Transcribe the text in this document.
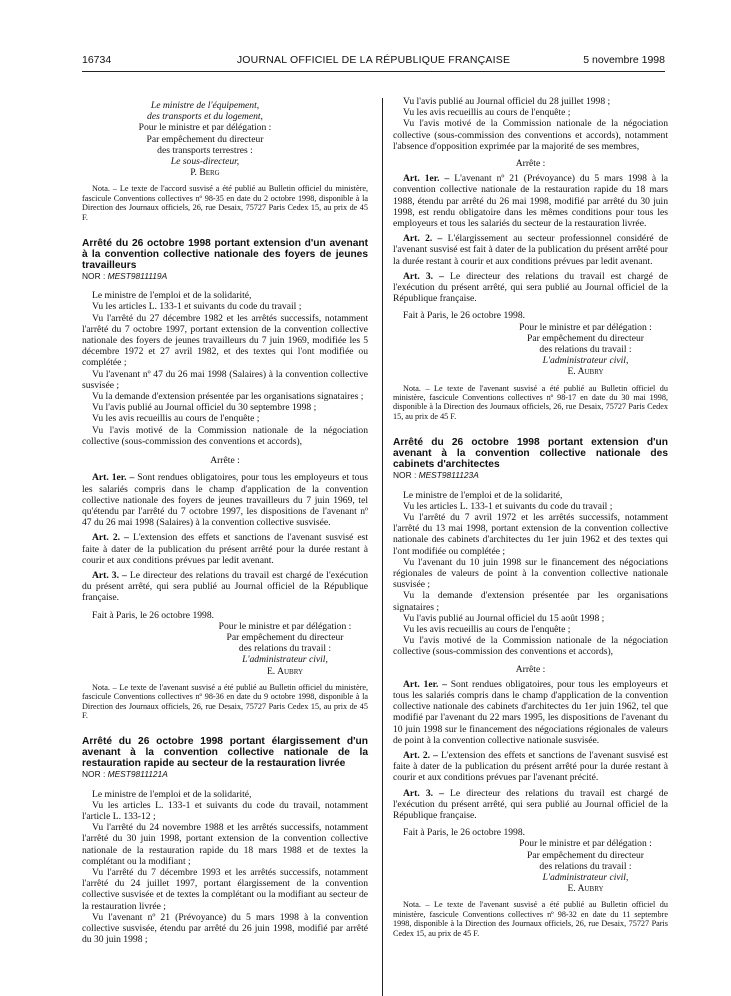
16734	JOURNAL OFFICIEL DE LA RÉPUBLIQUE FRANÇAISE	5 novembre 1998

Le ministre de l'équipement,

des transports et du logement,

Pour le ministre et par délégation :

Par empêchement du directeur

des transports terrestres :

Le sous-directeur,

P. Berg

Nota. – Le texte de l'accord susvisé a été publié au Bulletin officiel du ministère, fascicule Conventions collectives nº 98-35 en date du 2 octobre 1998, disponible à la Direction des Journaux officiels, 26, rue Desaix, 75727 Paris Cedex 15, au prix de 45 F.

Arrêté du 26 octobre 1998 portant extension d'un avenant à la convention collective nationale des foyers de jeunes travailleurs

NOR : MEST9811119A

Le ministre de l'emploi et de la solidarité,

Vu les articles L. 133-1 et suivants du code du travail ;

Vu l'arrêté du 27 décembre 1982 et les arrêtés successifs, notamment l'arrêté du 7 octobre 1997, portant extension de la convention collective nationale des foyers de jeunes travailleurs du 7 juin 1969, modifiée les 5 décembre 1972 et 27 avril 1982, et des textes qui l'ont modifiée ou complétée ;

Vu l'avenant nº 47 du 26 mai 1998 (Salaires) à la convention collective susvisée ;

Vu la demande d'extension présentée par les organisations signataires ;

Vu l'avis publié au Journal officiel du 30 septembre 1998 ;

Vu les avis recueillis au cours de l'enquête ;

Vu l'avis motivé de la Commission nationale de la négociation collective (sous-commission des conventions et accords),

Arrête :

Art. 1er. – Sont rendues obligatoires, pour tous les employeurs et tous les salariés compris dans le champ d'application de la convention collective nationale des foyers de jeunes travailleurs du 7 juin 1969, tel qu'étendu par l'arrêté du 7 octobre 1997, les dispositions de l'avenant nº 47 du 26 mai 1998 (Salaires) à la convention collective susvisée.

Art. 2. – L'extension des effets et sanctions de l'avenant susvisé est faite à dater de la publication du présent arrêté pour la durée restant à courir et aux conditions prévues par ledit avenant.

Art. 3. – Le directeur des relations du travail est chargé de l'exécution du présent arrêté, qui sera publié au Journal officiel de la République française.

Fait à Paris, le 26 octobre 1998.

Pour le ministre et par délégation :

Par empêchement du directeur

des relations du travail :

L'administrateur civil,

E. Aubry

Nota. – Le texte de l'avenant susvisé a été publié au Bulletin officiel du ministère, fascicule Conventions collectives nº 98-36 en date du 9 octobre 1998, disponible à la Direction des Journaux officiels, 26, rue Desaix, 75727 Paris Cedex 15, au prix de 45 F.

Arrêté du 26 octobre 1998 portant élargissement d'un avenant à la convention collective nationale de la restauration rapide au secteur de la restauration livrée

NOR : MEST9811121A

Le ministre de l'emploi et de la solidarité,

Vu les articles L. 133-1 et suivants du code du travail, notamment l'article L. 133-12 ;

Vu l'arrêté du 24 novembre 1988 et les arrêtés successifs, notamment l'arrêté du 30 juin 1998, portant extension de la convention collective nationale de la restauration rapide du 18 mars 1988 et de textes la complétant ou la modifiant ;

Vu l'arrêté du 7 décembre 1993 et les arrêtés successifs, notamment l'arrêté du 24 juillet 1997, portant élargissement de la convention collective susvisée et de textes la complétant ou la modifiant au secteur de la restauration livrée ;

Vu l'avenant nº 21 (Prévoyance) du 5 mars 1998 à la convention collective susvisée, étendu par arrêté du 26 juin 1998, modifié par arrêté du 30 juin 1998 ;

Vu l'avis publié au Journal officiel du 28 juillet 1998 ;

Vu les avis recueillis au cours de l'enquête ;

Vu l'avis motivé de la Commission nationale de la négociation collective (sous-commission des conventions et accords), notamment l'absence d'opposition exprimée par la majorité de ses membres,

Arrête :

Art. 1er. – L'avenant nº 21 (Prévoyance) du 5 mars 1998 à la convention collective nationale de la restauration rapide du 18 mars 1988, étendu par arrêté du 26 mai 1998, modifié par arrêté du 30 juin 1998, est rendu obligatoire dans les mêmes conditions pour tous les employeurs et tous les salariés du secteur de la restauration livrée.

Art. 2. – L'élargissement au secteur professionnel considéré de l'avenant susvisé est fait à dater de la publication du présent arrêté pour la durée restant à courir et aux conditions prévues par ledit avenant.

Art. 3. – Le directeur des relations du travail est chargé de l'exécution du présent arrêté, qui sera publié au Journal officiel de la République française.

Fait à Paris, le 26 octobre 1998.

Pour le ministre et par délégation :

Par empêchement du directeur

des relations du travail :

L'administrateur civil,

E. Aubry

Nota. – Le texte de l'avenant susvisé a été publié au Bulletin officiel du ministère, fascicule Conventions collectives nº 98-17 en date du 30 mai 1998, disponible à la Direction des Journaux officiels, 26, rue Desaix, 75727 Paris Cedex 15, au prix de 45 F.

Arrêté du 26 octobre 1998 portant extension d'un avenant à la convention collective nationale des cabinets d'architectes

NOR : MEST9811123A

Le ministre de l'emploi et de la solidarité,

Vu les articles L. 133-1 et suivants du code du travail ;

Vu l'arrêté du 7 avril 1972 et les arrêtés successifs, notamment l'arrêté du 13 mai 1998, portant extension de la convention collective nationale des cabinets d'architectes du 1er juin 1962 et des textes qui l'ont modifiée ou complétée ;

Vu l'avenant du 10 juin 1998 sur le financement des négociations régionales de valeurs de point à la convention collective nationale susvisée ;

Vu la demande d'extension présentée par les organisations signataires ;

Vu l'avis publié au Journal officiel du 15 août 1998 ;

Vu les avis recueillis au cours de l'enquête ;

Vu l'avis motivé de la Commission nationale de la négociation collective (sous-commission des conventions et accords),

Arrête :

Art. 1er. – Sont rendues obligatoires, pour tous les employeurs et tous les salariés compris dans le champ d'application de la convention collective nationale des cabinets d'architectes du 1er juin 1962, tel que modifié par l'avenant du 22 mars 1995, les dispositions de l'avenant du 10 juin 1998 sur le financement des négociations régionales de valeurs de point à la convention collective nationale susvisée.

Art. 2. – L'extension des effets et sanctions de l'avenant susvisé est faite à dater de la publication du présent arrêté pour la durée restant à courir et aux conditions prévues par l'avenant précité.

Art. 3. – Le directeur des relations du travail est chargé de l'exécution du présent arrêté, qui sera publié au Journal officiel de la République française.

Fait à Paris, le 26 octobre 1998.

Pour le ministre et par délégation :

Par empêchement du directeur

des relations du travail :

L'administrateur civil,

E. Aubry

Nota. – Le texte de l'avenant susvisé a été publié au Bulletin officiel du ministère, fascicule Conventions collectives nº 98-32 en date du 11 septembre 1998, disponible à la Direction des Journaux officiels, 26, rue Desaix, 75727 Paris Cedex 15, au prix de 45 F.
